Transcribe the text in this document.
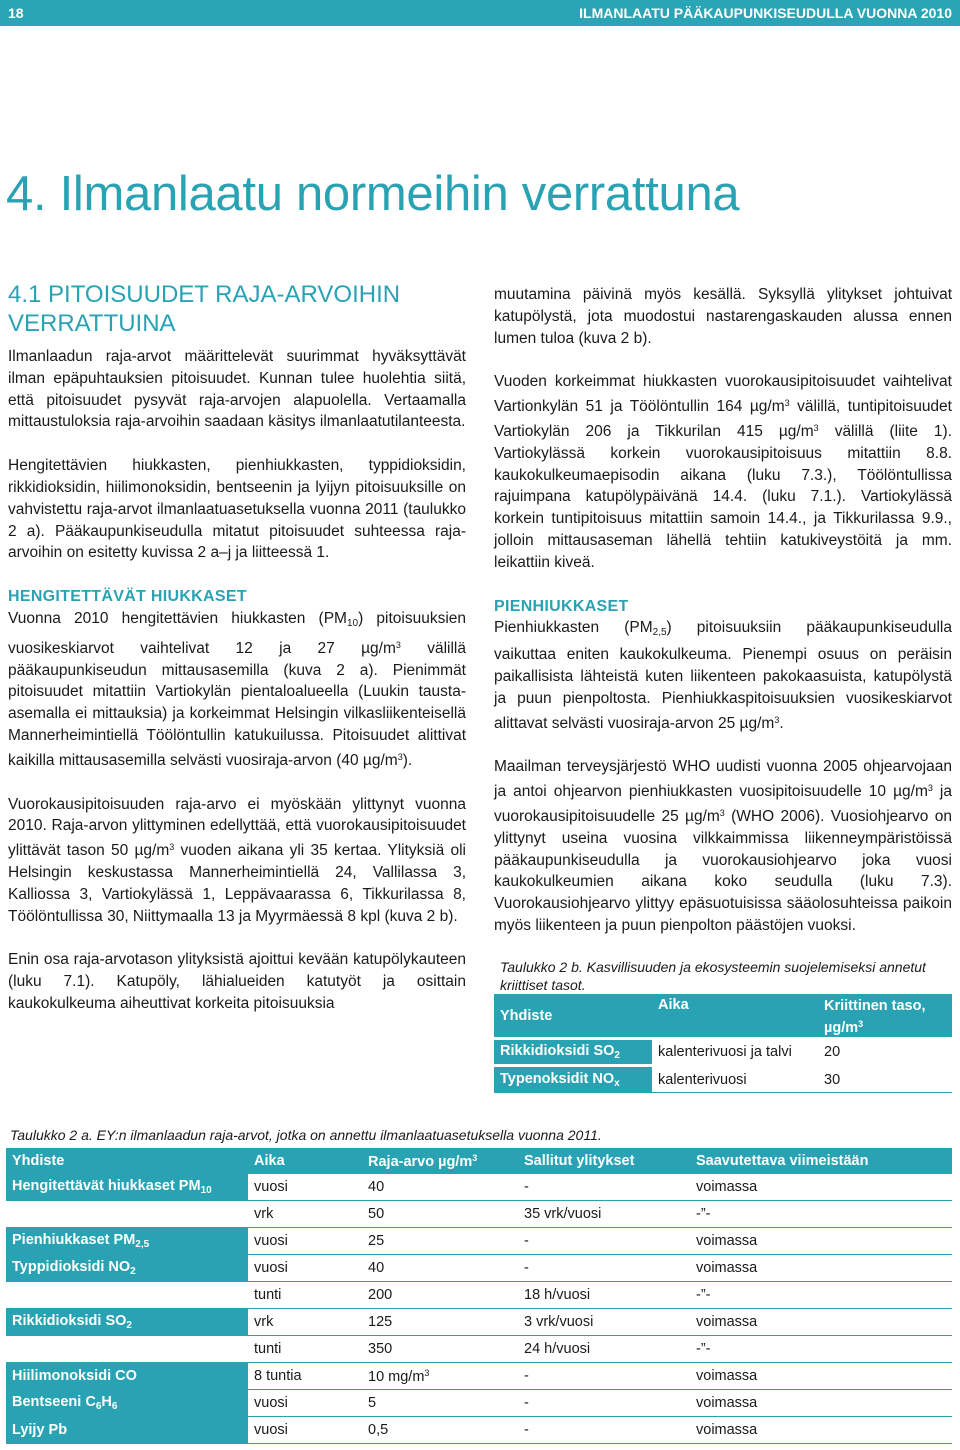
18	ILMANLAATU PÄÄKAUPUNKISEUDULLA VUONNA 2010
4. Ilmanlaatu normeihin verrattuna
4.1 PITOISUUDET RAJA-ARVOIHIN VERRATTUINA

Ilmanlaadun raja-arvot määrittelevät suurimmat hyväksyttävät ilman epäpuhtauksien pitoisuudet. Kunnan tulee huolehtia siitä, että pitoisuudet pysyvät raja-arvojen alapuolella. Vertaamalla mittaustuloksia raja-arvoihin saadaan käsitys ilmanlaatutilanteesta.

Hengitettävien hiukkasten, pienhiukkasten, typpidioksidin, rikkidioksidin, hiilimonoksidin, bentseenin ja lyijyn pitoisuuksille on vahvistettu raja-arvot ilmanlaatuasetuksella vuonna 2011 (taulukko 2 a). Pääkaupunkiseudulla mitatut pitoisuudet suhteessa raja-arvoihin on esitetty kuvissa 2 a–j ja liitteessä 1.

HENGITETTÄVÄT HIUKKASET

Vuonna 2010 hengitettävien hiukkasten $(PM_{10})$ pitoisuuksien vuosikeskiarvot vaihtelivat 12 ja 27 $\mu g/m^3$ välillä pääkaupunkiseudun mittausasemilla (kuva 2 a). Pienimmät pitoisuudet mitattiin Vartiokylän pientaloalueella (Luukin tausta-asemalla ei mittauksia) ja korkeimmat Helsingin vilkasliikenteisellä Mannerheimintiellä Töölöntullin katukuilussa. Pitoisuudet alittivat kaikilla mittausasemilla selvästi vuosiraja-arvon (40 $\mu g/m^3$).

Vuorokausipitoisuuden raja-arvo ei myöskään ylittynyt vuonna 2010. Raja-arvon ylittyminen edellyttää, että vuorokausipitoisuudet ylittävät tason 50 $\mu g/m^3$ vuoden aikana yli 35 kertaa. Ylityksiä oli Helsingin keskustassa Mannerheimintiellä 24, Vallilassa 3, Kalliossa 3, Vartiokylässä 1, Leppävaarassa 6, Tikkurilassa 8, Töölöntullissa 30, Niittymaalla 13 ja Myyrmäessä 8 kpl (kuva 2 b).

Enin osa raja-arvotason ylityksistä ajoittui kevään katupölykauteen (luku 7.1). Katupöly, lähialueiden katutyöt ja osittain kaukokulkeuma aiheuttivat korkeita pitoisuuksia

muutamina päivinä myös kesällä. Syksyllä ylitykset johtuivat katupölystä, jota muodostui nastarengaskauden alussa ennen lumen tuloa (kuva 2 b).

Vuoden korkeimmat hiukkasten vuorokausipitoisuudet vaihtelivat Vartionkylän 51 ja Töölöntullin 164 $\mu g/m^3$ välillä, tuntipitoisuudet Vartiokylän 206 ja Tikkurilan 415 $\mu g/m^3$ välillä (liite 1). Vartiokylässä korkein vuorokausipitoisuus mitattiin 8.8. kaukokulkeumaepisodin aikana (luku 7.3.), Töölöntullissa rajuimpana katupölypäivänä 14.4. (luku 7.1.). Vartiokylässä korkein tuntipitoisuus mitattiin samoin 14.4., ja Tikkurilassa 9.9., jolloin mittausaseman lähellä tehtiin katukiveystöitä ja mm. leikattiin kiveä.

PIENHIUKKASET

Pienhiukkasten $(PM_{2,5})$ pitoisuuksiin pääkaupunkiseudulla vaikuttaa eniten kaukokulkeuma. Pienempi osuus on peräisin paikallisista lähteistä kuten liikenteen pakokaasuista, katupölystä ja puun pienpoltosta. Pienhiukkaspitoisuuksien vuosikeskiarvot alittavat selvästi vuosiraja-arvon 25 $\mu g/m^3$.

Maailman terveysjärjestö WHO uudisti vuonna 2005 ohjearvojaan ja antoi ohjearvon pienhiukkasten vuosipitoisuudelle 10 $\mu g/m^3$ ja vuorokausipitoisuudelle 25 $\mu g/m^3$ (WHO 2006). Vuosiohjearvo on ylittynyt useina vuosina vilkkaimmissa liikenneympäristöissä pääkaupunkiseudulla ja vuorokausiohjearvo joka vuosi kaukokulkeumien aikana koko seudulla (luku 7.3). Vuorokausiohjearvo ylittyy epäsuotuisissa sääolosuhteissa paikoin myös liikenteen ja puun pienpolton päästöjen vuoksi.

Taulukko 2 b. Kasvillisuuden ja ekosysteemin suojelemiseksi annetut kriittiset tasot.
Yhdiste	Aika	Kriittinen taso, $\mu g/m^3$
Rikkidioksidi $SO_2$	kalenterivuosi ja talvi	20
Typenoksidit $NO_x$	kalenterivuosi	30
Taulukko 2 a. EY:n ilmanlaadun raja-arvot, jotka on annettu ilmanlaatuasetuksella vuonna 2011.
Yhdiste	Aika	Raja-arvo $\mu g/m^3$	Sallitut ylitykset	Saavutettava viimeistään
Hengitettävät hiukkaset $PM_{10}$	vuosi	40	-	voimassa
	vrk	50	35 vrk/vuosi	-”-
Pienhiukkaset $PM_{2,5}$	vuosi	25	-	voimassa
Typpidioksidi $NO_2$	vuosi	40	-	voimassa
	tunti	200	18 h/vuosi	-”-
Rikkidioksidi $SO_2$	vrk	125	3 vrk/vuosi	voimassa
	tunti	350	24 h/vuosi	-”-
Hiilimonoksidi CO	8 tuntia	10 $mg/m^3$	-	voimassa
Bentseeni $C_6H_6$	vuosi	5	-	voimassa
Lyijy Pb	vuosi	0,5	-	voimassa
